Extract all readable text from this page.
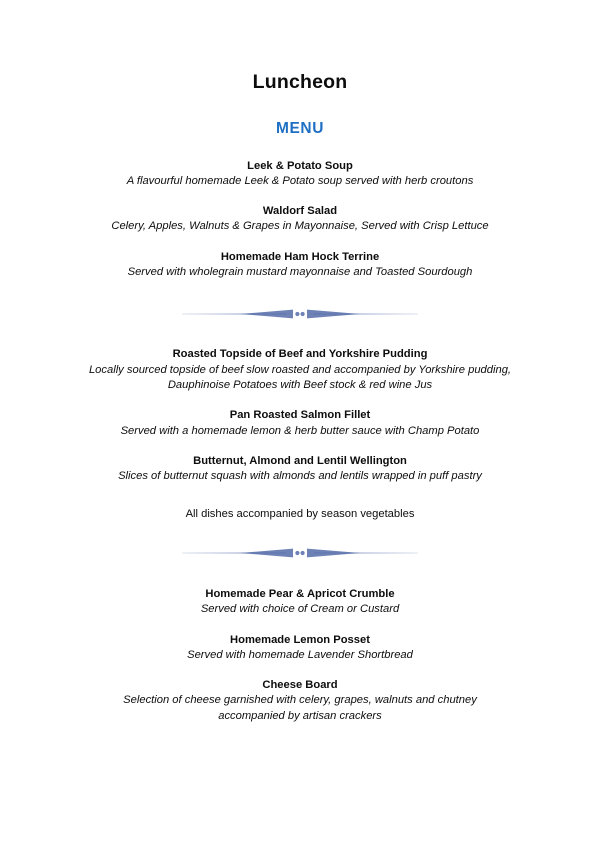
Luncheon
MENU
Leek & Potato Soup
A flavourful homemade Leek & Potato soup served with herb croutons
Waldorf Salad
Celery, Apples, Walnuts & Grapes in Mayonnaise, Served with Crisp Lettuce
Homemade Ham Hock Terrine
Served with wholegrain mustard mayonnaise and Toasted Sourdough
Roasted Topside of Beef and Yorkshire Pudding
Locally sourced topside of beef slow roasted and accompanied by Yorkshire pudding,
Dauphinoise Potatoes with Beef stock & red wine Jus
Pan Roasted Salmon Fillet
Served with a homemade lemon & herb butter sauce with Champ Potato
Butternut, Almond and Lentil Wellington
Slices of butternut squash with almonds and lentils wrapped in puff pastry
All dishes accompanied by season vegetables
Homemade Pear & Apricot Crumble
Served with choice of Cream or Custard
Homemade Lemon Posset
Served with homemade Lavender Shortbread
Cheese Board
Selection of cheese garnished with celery, grapes, walnuts and chutney
accompanied by artisan crackers
